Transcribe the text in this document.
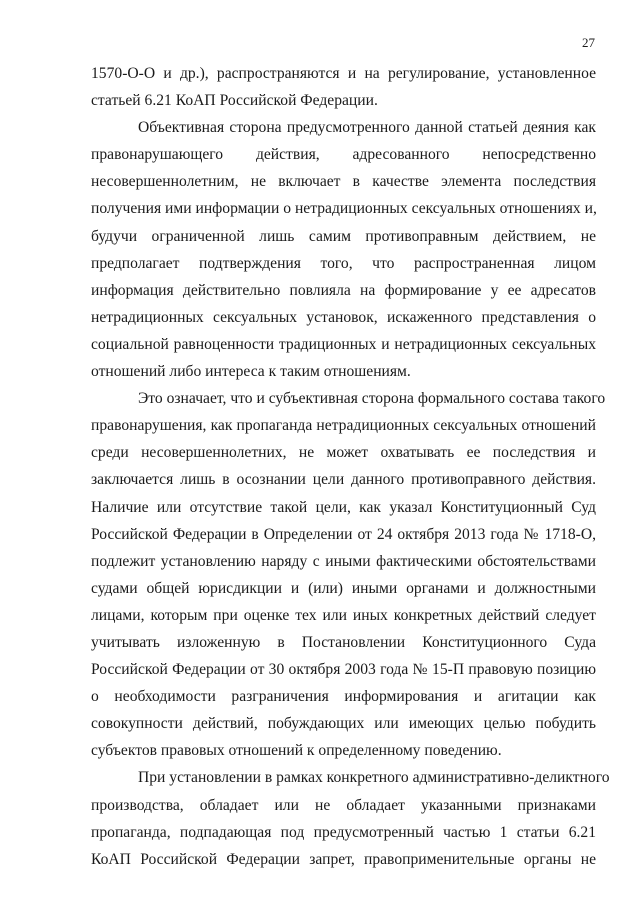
27
1570-О-О и др.), распространяются и на регулирование, установленное
статьей 6.21 КоАП Российской Федерации.
Объективная сторона предусмотренного данной статьей деяния как
правонарушающего действия, адресованного непосредственно
несовершеннолетним, не включает в качестве элемента последствия
получения ими информации о нетрадиционных сексуальных отношениях и,
будучи ограниченной лишь самим противоправным действием, не
предполагает подтверждения того, что распространенная лицом
информация действительно повлияла на формирование у ее адресатов
нетрадиционных сексуальных установок, искаженного представления о
социальной равноценности традиционных и нетрадиционных сексуальных
отношений либо интереса к таким отношениям.
Это означает, что и субъективная сторона формального состава такого
правонарушения, как пропаганда нетрадиционных сексуальных отношений
среди несовершеннолетних, не может охватывать ее последствия и
заключается лишь в осознании цели данного противоправного действия.
Наличие или отсутствие такой цели, как указал Конституционный Суд
Российской Федерации в Определении от 24 октября 2013 года № 1718-О,
подлежит установлению наряду с иными фактическими обстоятельствами
судами общей юрисдикции и (или) иными органами и должностными
лицами, которым при оценке тех или иных конкретных действий следует
учитывать изложенную в Постановлении Конституционного Суда
Российской Федерации от 30 октября 2003 года № 15-П правовую позицию
о необходимости разграничения информирования и агитации как
совокупности действий, побуждающих или имеющих целью побудить
субъектов правовых отношений к определенному поведению.
При установлении в рамках конкретного административно-деликтного
производства, обладает или не обладает указанными признаками
пропаганда, подпадающая под предусмотренный частью 1 статьи 6.21
КоАП Российской Федерации запрет, правоприменительные органы не
